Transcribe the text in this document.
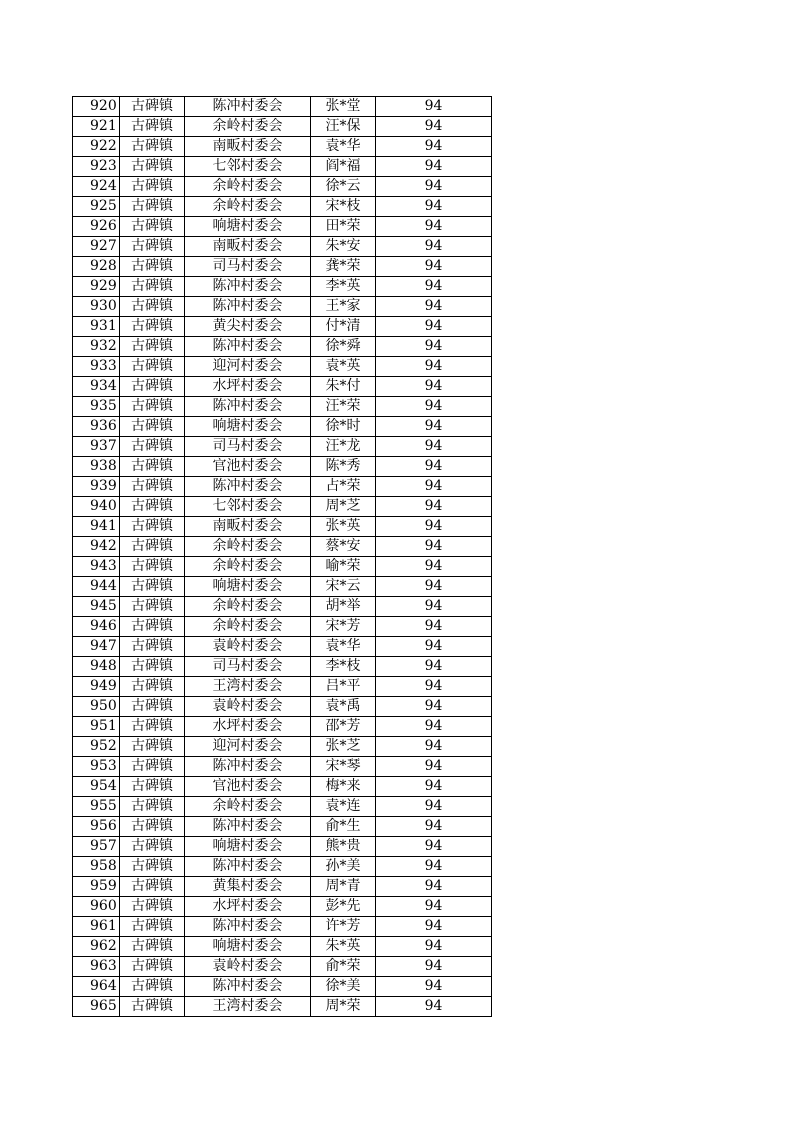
920	古碑镇	陈冲村委会	张*堂	94
921	古碑镇	余岭村委会	汪*保	94
922	古碑镇	南畈村委会	袁*华	94
923	古碑镇	七邻村委会	阎*福	94
924	古碑镇	余岭村委会	徐*云	94
925	古碑镇	余岭村委会	宋*枝	94
926	古碑镇	响塘村委会	田*荣	94
927	古碑镇	南畈村委会	朱*安	94
928	古碑镇	司马村委会	龚*荣	94
929	古碑镇	陈冲村委会	李*英	94
930	古碑镇	陈冲村委会	王*家	94
931	古碑镇	黄尖村委会	付*清	94
932	古碑镇	陈冲村委会	徐*舜	94
933	古碑镇	迎河村委会	袁*英	94
934	古碑镇	水坪村委会	朱*付	94
935	古碑镇	陈冲村委会	汪*荣	94
936	古碑镇	响塘村委会	徐*时	94
937	古碑镇	司马村委会	汪*龙	94
938	古碑镇	官池村委会	陈*秀	94
939	古碑镇	陈冲村委会	占*荣	94
940	古碑镇	七邻村委会	周*芝	94
941	古碑镇	南畈村委会	张*英	94
942	古碑镇	余岭村委会	蔡*安	94
943	古碑镇	余岭村委会	喻*荣	94
944	古碑镇	响塘村委会	宋*云	94
945	古碑镇	余岭村委会	胡*举	94
946	古碑镇	余岭村委会	宋*芳	94
947	古碑镇	袁岭村委会	袁*华	94
948	古碑镇	司马村委会	李*枝	94
949	古碑镇	王湾村委会	吕*平	94
950	古碑镇	袁岭村委会	袁*禹	94
951	古碑镇	水坪村委会	邵*芳	94
952	古碑镇	迎河村委会	张*芝	94
953	古碑镇	陈冲村委会	宋*琴	94
954	古碑镇	官池村委会	梅*来	94
955	古碑镇	余岭村委会	袁*连	94
956	古碑镇	陈冲村委会	俞*生	94
957	古碑镇	响塘村委会	熊*贵	94
958	古碑镇	陈冲村委会	孙*美	94
959	古碑镇	黄集村委会	周*青	94
960	古碑镇	水坪村委会	彭*先	94
961	古碑镇	陈冲村委会	许*芳	94
962	古碑镇	响塘村委会	朱*英	94
963	古碑镇	袁岭村委会	俞*荣	94
964	古碑镇	陈冲村委会	徐*美	94
965	古碑镇	王湾村委会	周*荣	94
